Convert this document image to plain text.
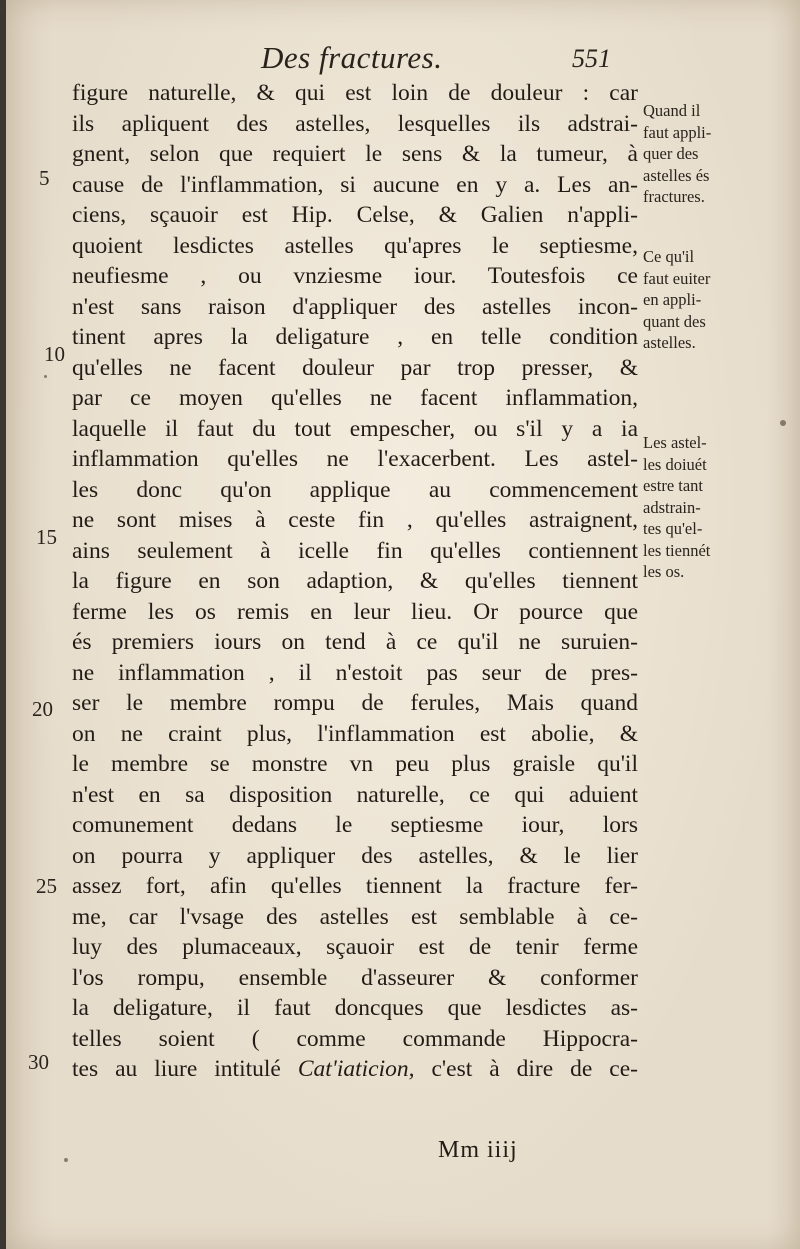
Des fractures.	551
figure naturelle, & qui est loin de douleur : car
ils apliquent des astelles, lesquelles ils adstrai-
gnent, selon que requiert le sens & la tumeur, à
cause de l'inflammation, si aucune en y a. Les an-
ciens, sçauoir est Hip. Celse, & Galien n'appli-
quoient lesdictes astelles qu'apres le septiesme,
neufiesme , ou vnziesme iour. Toutesfois ce
n'est sans raison d'appliquer des astelles incon-
tinent apres la deligature , en telle condition
qu'elles ne facent douleur par trop presser, &
par ce moyen qu'elles ne facent inflammation,
laquelle il faut du tout empescher, ou s'il y a ia
inflammation qu'elles ne l'exacerbent. Les astel-
les donc qu'on applique au commencement
ne sont mises à ceste fin , qu'elles astraignent,
ains seulement à icelle fin qu'elles contiennent
la figure en son adaption, & qu'elles tiennent
ferme les os remis en leur lieu. Or pource que
és premiers iours on tend à ce qu'il ne suruien-
ne inflammation , il n'estoit pas seur de pres-
ser le membre rompu de ferules, Mais quand
on ne craint plus, l'inflammation est abolie, &
le membre se monstre vn peu plus graisle qu'il
n'est en sa disposition naturelle, ce qui aduient
comunement dedans le septiesme iour, lors
on pourra y appliquer des astelles, & le lier
assez fort, afin qu'elles tiennent la fracture fer-
me, car l'vsage des astelles est semblable à ce-
luy des plumaceaux, sçauoir est de tenir ferme
l'os rompu, ensemble d'asseurer & conformer
la deligature, il faut doncques que lesdictes as-
telles soient ( comme commande Hippocra-
tes au liure intitulé Cat'iaticion, c'est à dire de ce-
5
10
15
20
25
30
Quand il
faut appli-
quer des
astelles és
fractures.
Ce qu'il
faut euiter
en appli-
quant des
astelles.
Les astel-
les doiuét
estre tant
adstrain-
tes qu'el-
les tiennét
les os.
Mm iiij
